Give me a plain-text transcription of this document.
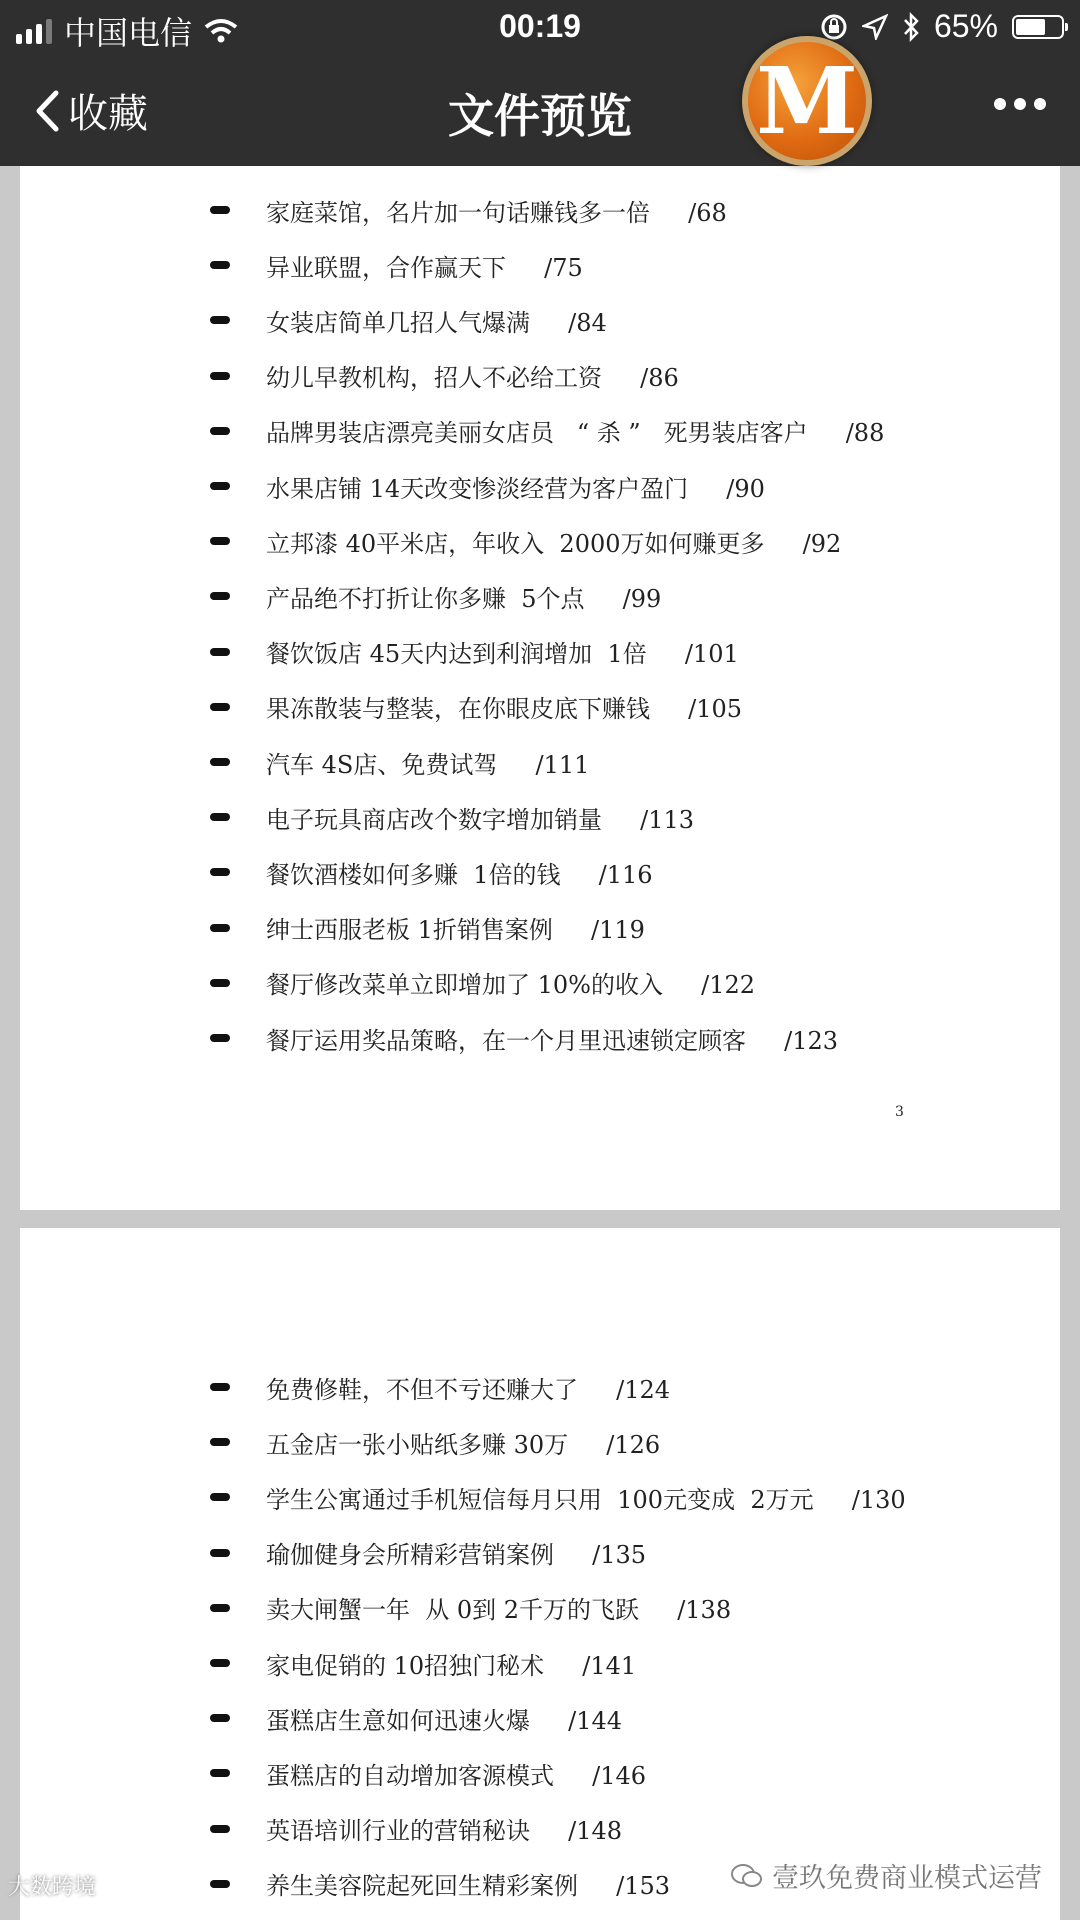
中国电信	00:19	65%
收藏	文件预览	M
家庭菜馆，名片加一句话赚钱多一倍     /68
异业联盟，合作赢天下     /75
女装店简单几招人气爆满     /84
幼儿早教机构，招人不必给工资     /86
品牌男装店漂亮美丽女店员   “ 杀 ”   死男装店客户     /88
水果店铺 14天改变惨淡经营为客户盈门     /90
立邦漆 40平米店，年收入  2000万如何赚更多     /92
产品绝不打折让你多赚  5个点     /99
餐饮饭店 45天内达到利润增加  1倍     /101
果冻散装与整装，在你眼皮底下赚钱     /105
汽车 4S店、免费试驾     /111
电子玩具商店改个数字增加销量     /113
餐饮酒楼如何多赚  1倍的钱     /116
绅士西服老板 1折销售案例     /119
餐厅修改菜单立即增加了 10%的收入     /122
餐厅运用奖品策略，在一个月里迅速锁定顾客     /123
3
免费修鞋，不但不亏还赚大了     /124
五金店一张小贴纸多赚 30万     /126
学生公寓通过手机短信每月只用  100元变成  2万元     /130
瑜伽健身会所精彩营销案例     /135
卖大闸蟹一年  从 0到 2千万的飞跃     /138
家电促销的 10招独门秘术     /141
蛋糕店生意如何迅速火爆     /144
蛋糕店的自动增加客源模式     /146
英语培训行业的营销秘诀     /148
养生美容院起死回生精彩案例     /153
大数跨境	壹玖免费商业模式运营
